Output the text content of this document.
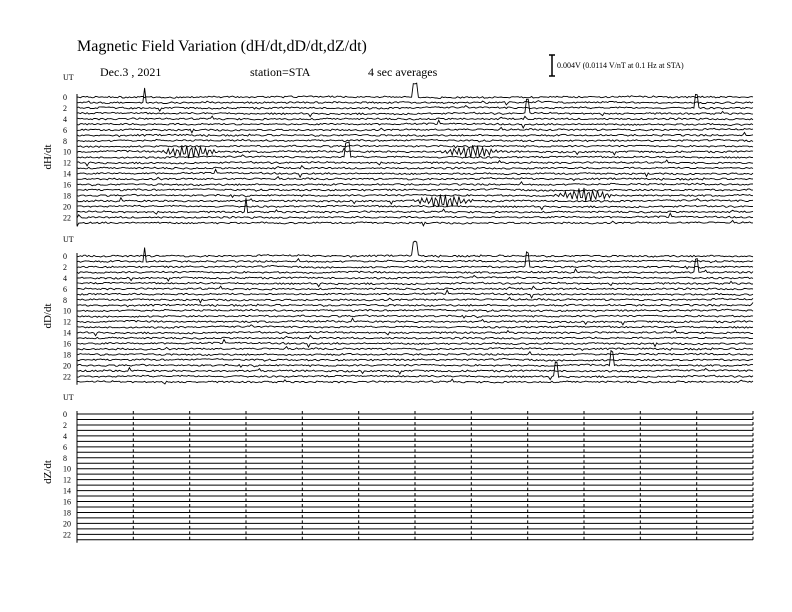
UT
dH/dt
0
2
4
6
8
10
12
14
16
18
20
22
UT
dD/dt
0
2
4
6
8
10
12
14
16
18
20
22
UT
dZ/dt
0
2
4
6
8
10
12
14
16
18
20
22
Magnetic Field Variation (dH/dt,dD/dt,dZ/dt)
Dec.3 , 2021	station=STA	4 sec averages	0.004V (0.0114 V/nT at 0.1 Hz at STA)
